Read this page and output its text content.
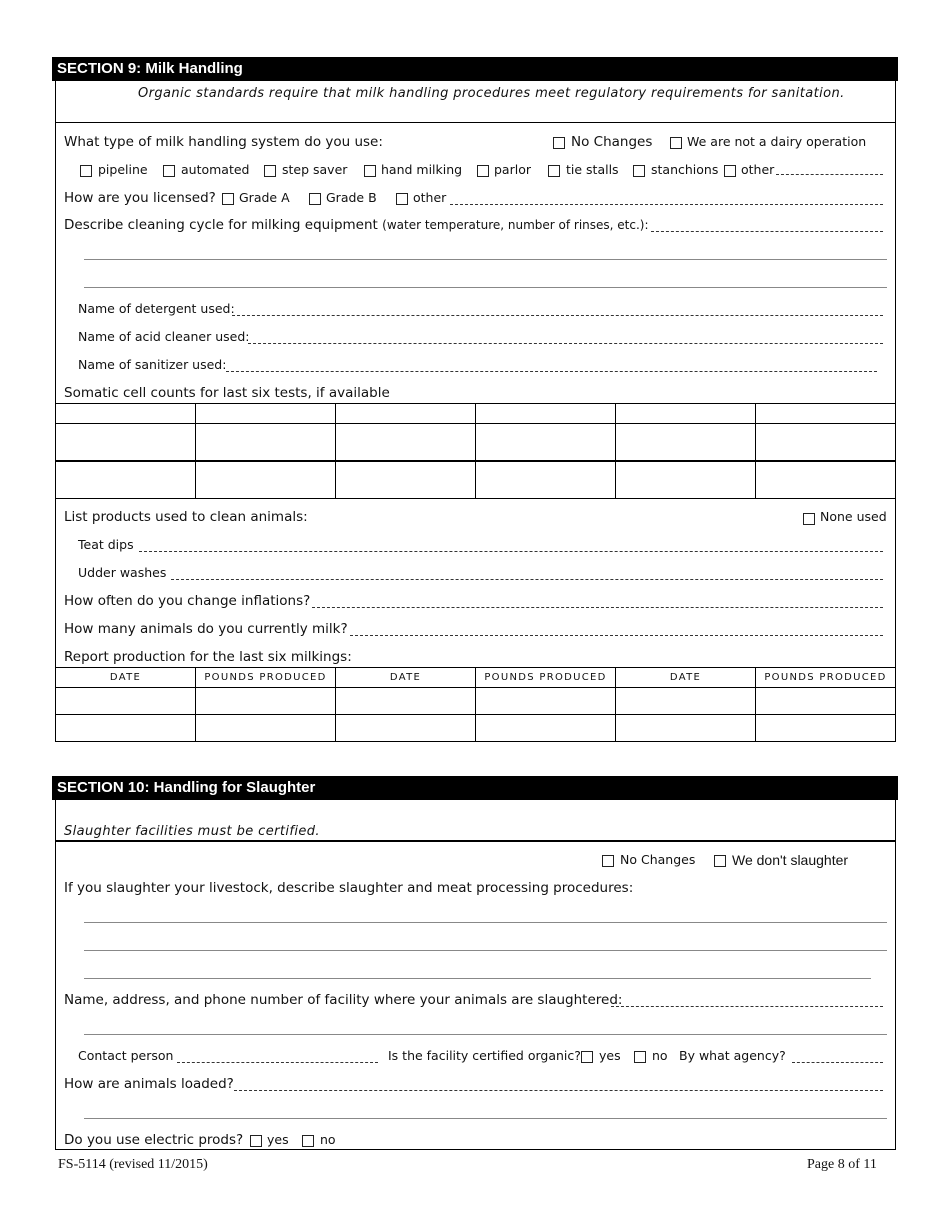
SECTION 9: Milk Handling
Organic standards require that milk handling procedures meet regulatory requirements for sanitation.
What type of milk handling system do you use:	No Changes	We are not a dairy operation
pipeline	automated	step saver	hand milking	parlor	tie stalls	stanchions other
How are you licensed? Grade A	Grade B	other
Describe cleaning cycle for milking equipment (water temperature, number of rinses, etc.):
Name of detergent used:
Name of acid cleaner used:
Name of sanitizer used:
Somatic cell counts for last six tests, if available
List products used to clean animals:	None used
Teat dips
Udder washes
How often do you change inflations?
How many animals do you currently milk?
Report production for the last six milkings:
DATE	POUNDS PRODUCED	DATE	POUNDS PRODUCED	DATE	POUNDS PRODUCED
SECTION 10: Handling for Slaughter
Slaughter facilities must be certified.
No Changes	We don't slaughter
If you slaughter your livestock, describe slaughter and meat processing procedures:
Name, address, and phone number of facility where your animals are slaughtered:
Contact person	Is the facility certified organic? yes	no By what agency?
How are animals loaded?
Do you use electric prods? yes	no
FS-5114 (revised 11/2015)	Page 8 of 11
